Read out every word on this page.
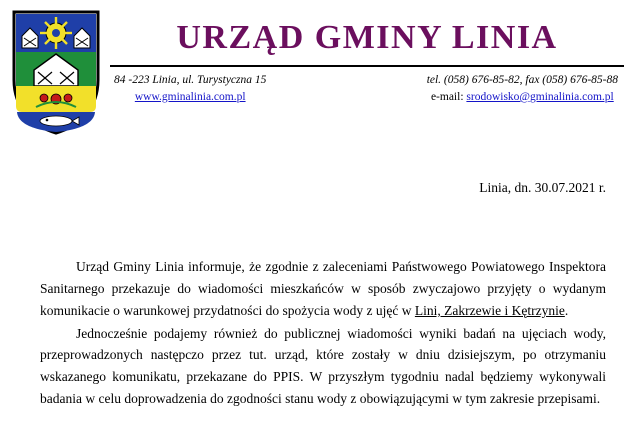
URZĄD GMINY LINIA
84 -223 Linia, ul. Turystyczna 15
www.gminalinia.com.pl
tel. (058) 676-85-82, fax (058) 676-85-88
e-mail: srodowisko@gminalinia.com.pl
Linia, dn. 30.07.2021 r.

Urząd Gminy Linia informuje, że zgodnie z zaleceniami Państwowego Powiatowego Inspektora Sanitarnego przekazuje do wiadomości mieszkańców w sposób zwyczajowo przyjęty o wydanym komunikacie o warunkowej przydatności do spożycia wody z ujęć w Lini, Zakrzewie i Kętrzynie.

Jednocześnie podajemy również do publicznej wiadomości wyniki badań na ujęciach wody, przeprowadzonych następczo przez tut. urząd, które zostały w dniu dzisiejszym, po otrzymaniu wskazanego komunikatu, przekazane do PPIS. W przyszłym tygodniu nadal będziemy wykonywali badania w celu doprowadzenia do zgodności stanu wody z obowiązującymi w tym zakresie przepisami.
